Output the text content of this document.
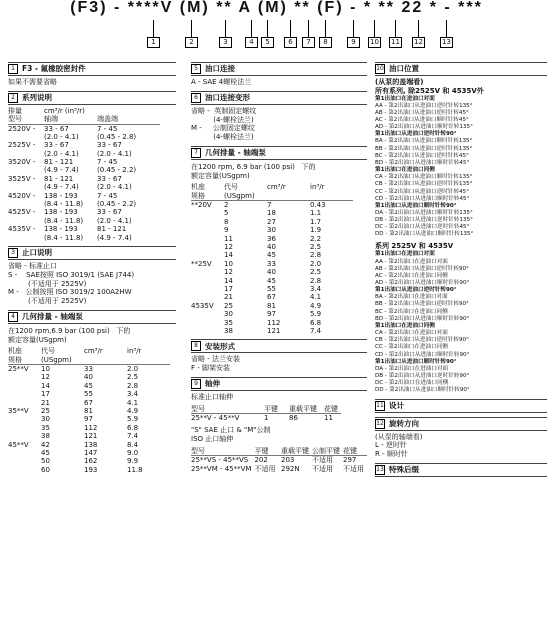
(F3) - ****V (M) ** A (M) ** (F) - * ** 22 * - ***
1	2	3	4	5	6	7	8	9	10 11 12	13
1 F3 - 氟橡胶密封件
如果不需要省略
2 系列说明
排量	cm³/r (in³/r)	
型号	轴端	端盖端
2520V -	33 - 67	7 - 45
	(2.0 - 4.1)	(0.45 - 2.8)
2525V -	33 - 67	33 - 67
	(2.0 - 4.1)	(2.0 - 4.1)
3520V -	81 - 121	7 - 45
	(4.9 - 7.4)	(0.45 - 2.2)
3525V -	81 - 121	33 - 67
	(4.9 - 7.4)	(2.0 - 4.1)
4520V -	138 - 193	7 - 45
	(8.4 - 11.8)	(0.45 - 2.2)
4525V -	138 - 193	33 - 67
	(8.4 - 11.8)	(2.0 - 4.1)
4535V -	138 - 193	81 - 121
	(8.4 - 11.8)	(4.9 - 7.4)
3 止口说明
省略 - 标准止口
S -    SAE按照 ISO 3019/1 (SAE J744)
(不适用于 2525V)
M -   公制按照 ISO 3019/2 100A2HW
(不适用于 2525V)
4 几何排量 - 轴端泵
在1200 rpm,6.9 bar (100 psi)   下的
额定容量(USgpm)
机座	代号	cm³/r	in³/r
规格	(USgpm)		
25**V	10	33	2.0
	12	40	2.5
	14	45	2.8
	17	55	3.4
	21	67	4.1
35**V	25	81	4.9
	30	97	5.9
	35	112	6.8
	38	121	7.4
45**V	42	138	8.4
	45	147	9.0
	50	162	9.9
	60	193	11.8
5 油口连接
A - SAE 4螺栓法兰
6 油口连接变形
省略 -  英制固定螺纹
(4-螺栓法兰)
M -     公制固定螺纹
(4-螺栓法兰)
7 几何排量 - 轴端泵
在1200 rpm, 6.9 bar (100 psi)   下的
额定容量(USgpm)
机座	代号	cm³/r	in³/r
规格	(USgpm)		
**20V	2	7	0.43
	5	18	1.1
	8	27	1.7
	9	30	1.9
	11	36	2.2
	12	40	2.5
	14	45	2.8
**25V	10	33	2.0
	12	40	2.5
	14	45	2.8
	17	55	3.4
	21	67	4.1
4535V	25	81	4.9
	30	97	5.9
	35	112	6.8
	38	121	7.4
8 安装形式
省略 - 法兰安装
F - 脚架安装
9 轴伸
标准止口轴伸
型号	平键	重载平键	花键
25**V - 45**V	1	86	11
"S" SAE 止口 & "M"公制
ISO 止口轴伸
型号	平键	重载平键	公制平键	花键
25**VS - 45**VS	202	203	不适用	297
25**VM - 45**VM	不适用	292N	不适用	不适用
10 油口位置
(从泵的盖端看)
所有系列, 除2525V 和 4535V外
第1出油口在进油口对面
AA - 第2出油口从进油口逆时针转135°
AB - 第2出油口从进油口逆时针转45°
AC - 第2出油口从进油口顺时针转45°
AD - 第2出油口从进油口顺时针转135°
第1出油口从进油口逆时针转90°
BA - 第2出油口从进油口顺时针转135°
BB - 第2出油口从进油口逆时针转135°
BC - 第2出油口从进油口逆时针转45°
BD - 第2出油口从进油口顺时针转45°
第1出油口在进油口同侧
CA - 第2出油口从进油口顺时针转135°
CB - 第2出油口从进油口逆时针转135°
CC - 第2出油口从进油口逆时针转45°
CD - 第2出油口从进油口顺时针转45°
第1出油口从进油口顺时针转90°
DA - 第2出油口从进油口顺时针转135°
DB - 第2出油口从进油口逆时针转135°
DC - 第2出油口从进油口逆时针转45°
DD - 第2出油口从进油口顺时针转135°
系列 2525V 和 4535V
第1出油口在进油口对面
AA - 第2出油口在进油口对面
AB - 第2出油口从进油口逆时针转90°
AC - 第2出油口在进油口同侧
AD - 第2出油口从进油口顺时针转90°
第1出油口从进油口逆时针转90°
BA - 第2出油口在进油口对面
BB - 第2出油口从进油口逆时针转90°
BC - 第2出油口在进油口同侧
BD - 第2出油口从进油口顺时针转90°
第1出油口在进油口同侧
CA - 第2出油口在进油口对面
CB - 第2出油口从进油口逆时针转90°
CC - 第2出油口在进油口同侧
CD - 第2出油口从进油口顺时针转90°
第1出油口从进油口顺时针转90°
DA - 第2出油口在进油口对面
DB - 第2出油口从进油口逆时针转90°
DC - 第2出油口在进油口同侧
DD - 第2出油口从进油口顺时针转90°
11 设计
12 旋转方向
(从泵的轴端看)
L - 逆时针
R - 顺时针
13 特殊后缀
